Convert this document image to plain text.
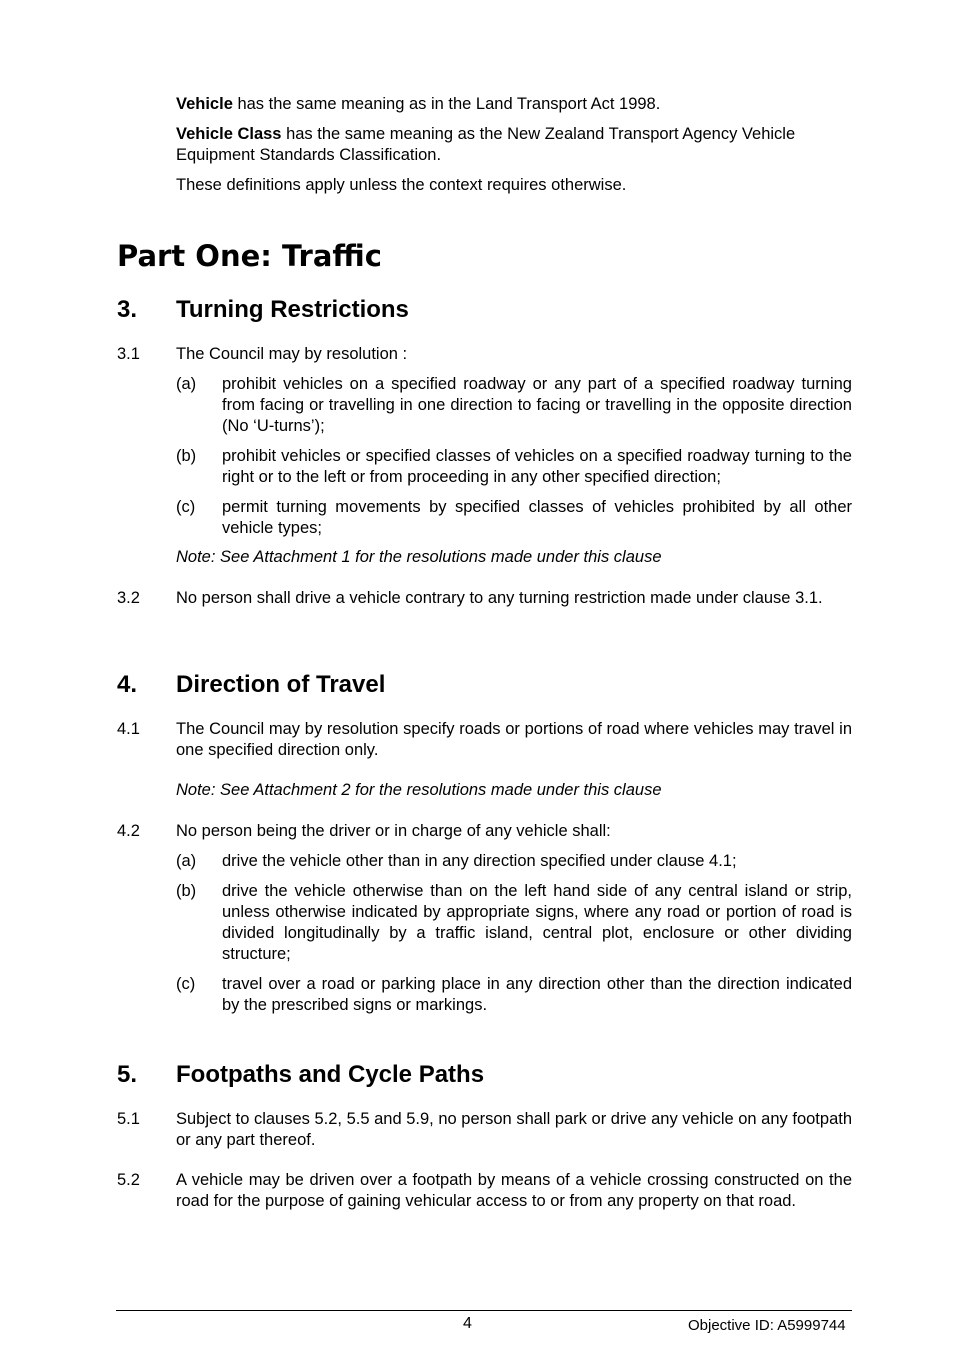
Vehicle has the same meaning as in the Land Transport Act 1998.
Vehicle Class has the same meaning as the New Zealand Transport Agency Vehicle Equipment Standards Classification.
These definitions apply unless the context requires otherwise.
Part One: Traffic
3. Turning Restrictions
3.1	The Council may by resolution :
(a) prohibit vehicles on a specified roadway or any part of a specified roadway turning from facing or travelling in one direction to facing or travelling in the opposite direction (No ‘U-turns’);
(b) prohibit vehicles or specified classes of vehicles on a specified roadway turning to the right or to the left or from proceeding in any other specified direction;
(c) permit turning movements by specified classes of vehicles prohibited by all other vehicle types;
Note: See Attachment 1 for the resolutions made under this clause
3.2	No person shall drive a vehicle contrary to any turning restriction made under clause 3.1.
4. Direction of Travel
4.1	The Council may by resolution specify roads or portions of road where vehicles may travel in one specified direction only.
Note: See Attachment 2 for the resolutions made under this clause
4.2	No person being the driver or in charge of any vehicle shall:
(a) drive the vehicle other than in any direction specified under clause 4.1;
(b) drive the vehicle otherwise than on the left hand side of any central island or strip, unless otherwise indicated by appropriate signs, where any road or portion of road is divided longitudinally by a traffic island, central plot, enclosure or other dividing structure;
(c) travel over a road or parking place in any direction other than the direction indicated by the prescribed signs or markings.
5. Footpaths and Cycle Paths
5.1	Subject to clauses 5.2, 5.5 and 5.9, no person shall park or drive any vehicle on any footpath or any part thereof.
5.2	A vehicle may be driven over a footpath by means of a vehicle crossing constructed on the road for the purpose of gaining vehicular access to or from any property on that road.
4	Objective ID: A5999744
